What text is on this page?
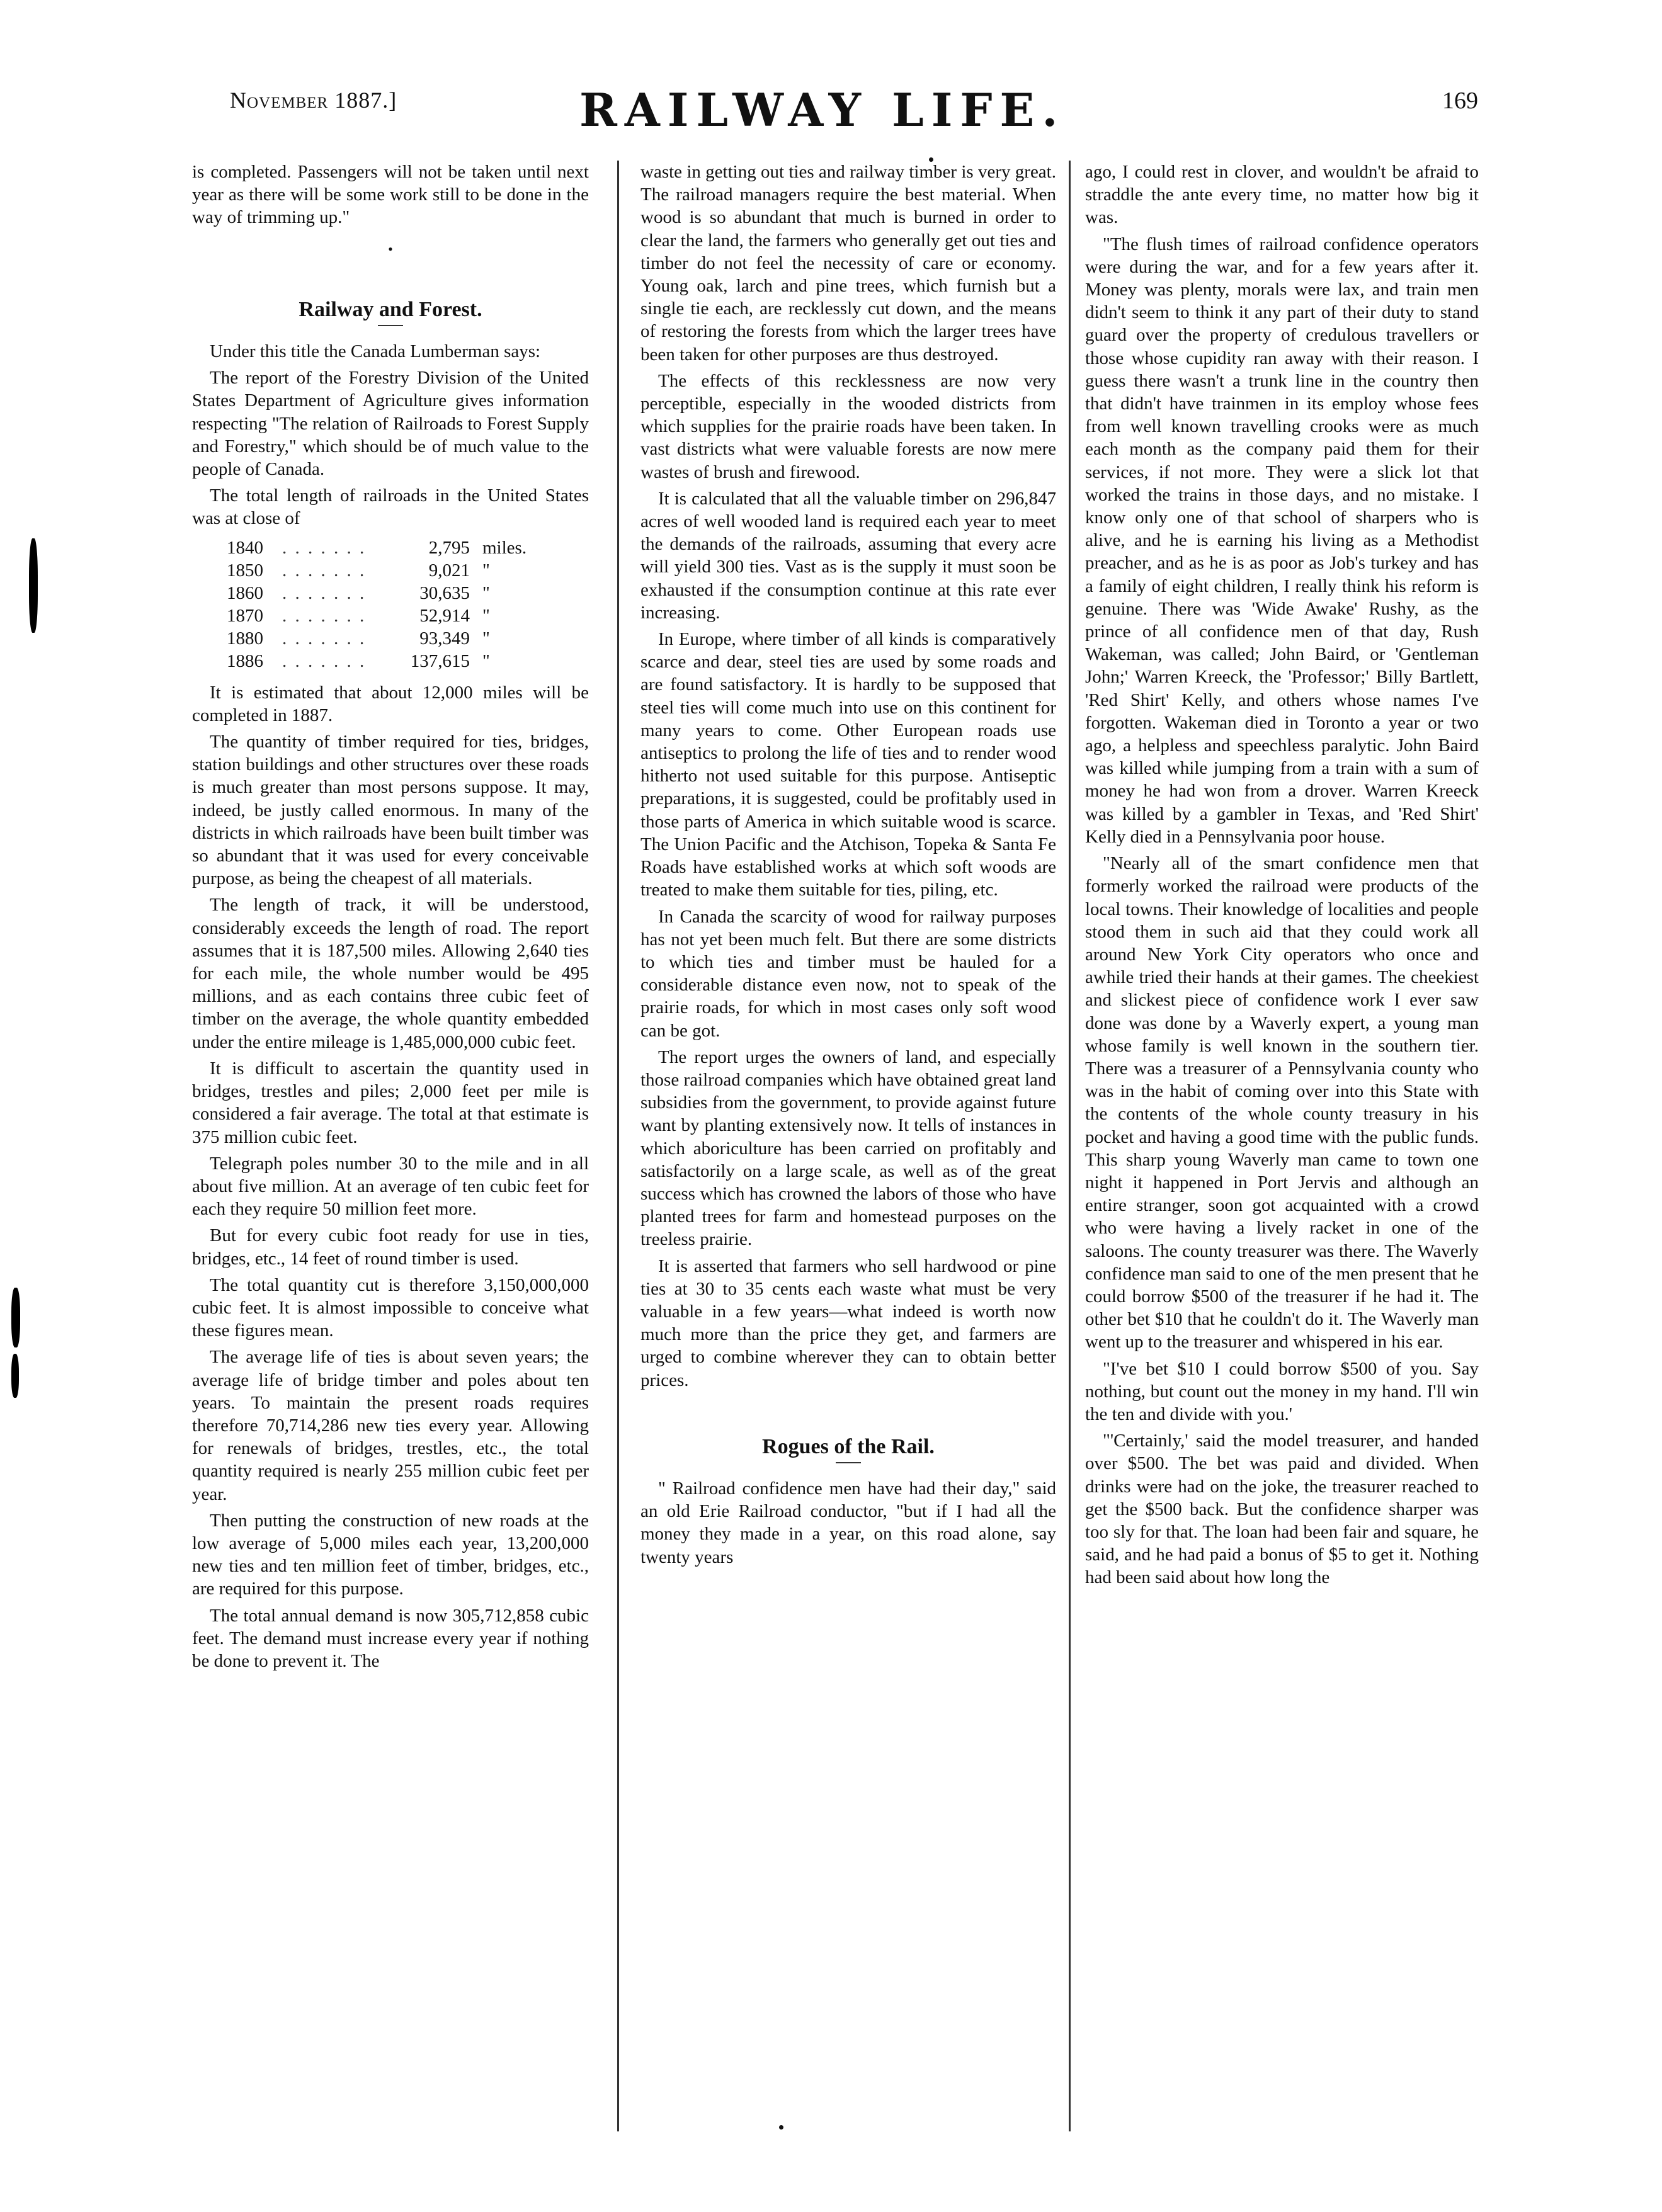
November 1887.]	RAILWAY LIFE.	169

is completed. Passengers will not be taken until next year as there will be some work still to be done in the way of trimming up."

•

Railway and Forest.

Under this title the Canada Lumberman says:

The report of the Forestry Division of the United States Department of Agriculture gives information respecting "The relation of Railroads to Forest Supply and Forestry," which should be of much value to the people of Canada.

The total length of railroads in the United States was at close of

1840	. . . . . . .	2,795	miles.
1850	. . . . . . .	9,021	"
1860	. . . . . . .	30,635	"
1870	. . . . . . .	52,914	"
1880	. . . . . . .	93,349	"
1886	. . . . . . .	137,615	"

It is estimated that about 12,000 miles will be completed in 1887.

The quantity of timber required for ties, bridges, station buildings and other structures over these roads is much greater than most persons suppose. It may, indeed, be justly called enormous. In many of the districts in which railroads have been built timber was so abundant that it was used for every conceivable purpose, as being the cheapest of all materials.

The length of track, it will be understood, considerably exceeds the length of road. The report assumes that it is 187,500 miles. Allowing 2,640 ties for each mile, the whole number would be 495 millions, and as each contains three cubic feet of timber on the average, the whole quantity embedded under the entire mileage is 1,485,000,000 cubic feet.

It is difficult to ascertain the quantity used in bridges, trestles and piles; 2,000 feet per mile is considered a fair average. The total at that estimate is 375 million cubic feet.

Telegraph poles number 30 to the mile and in all about five million. At an average of ten cubic feet for each they require 50 million feet more.

But for every cubic foot ready for use in ties, bridges, etc., 14 feet of round timber is used.

The total quantity cut is therefore 3,150,000,000 cubic feet. It is almost impossible to conceive what these figures mean.

The average life of ties is about seven years; the average life of bridge timber and poles about ten years. To maintain the present roads requires therefore 70,714,286 new ties every year. Allowing for renewals of bridges, trestles, etc., the total quantity required is nearly 255 million cubic feet per year.

Then putting the construction of new roads at the low average of 5,000 miles each year, 13,200,000 new ties and ten million feet of timber, bridges, etc., are required for this purpose.

The total annual demand is now 305,712,858 cubic feet. The demand must increase every year if nothing be done to prevent it. The

waste in getting out ties and railway timber is very great. The railroad managers require the best material. When wood is so abundant that much is burned in order to clear the land, the farmers who generally get out ties and timber do not feel the necessity of care or economy. Young oak, larch and pine trees, which furnish but a single tie each, are recklessly cut down, and the means of restoring the forests from which the larger trees have been taken for other purposes are thus destroyed.

The effects of this recklessness are now very perceptible, especially in the wooded districts from which supplies for the prairie roads have been taken. In vast districts what were valuable forests are now mere wastes of brush and firewood.

It is calculated that all the valuable timber on 296,847 acres of well wooded land is required each year to meet the demands of the railroads, assuming that every acre will yield 300 ties. Vast as is the supply it must soon be exhausted if the consumption continue at this rate ever increasing.

In Europe, where timber of all kinds is comparatively scarce and dear, steel ties are used by some roads and are found satisfactory. It is hardly to be supposed that steel ties will come much into use on this continent for many years to come. Other European roads use antiseptics to prolong the life of ties and to render wood hitherto not used suitable for this purpose. Antiseptic preparations, it is suggested, could be profitably used in those parts of America in which suitable wood is scarce. The Union Pacific and the Atchison, Topeka & Santa Fe Roads have established works at which soft woods are treated to make them suitable for ties, piling, etc.

In Canada the scarcity of wood for railway purposes has not yet been much felt. But there are some districts to which ties and timber must be hauled for a considerable distance even now, not to speak of the prairie roads, for which in most cases only soft wood can be got.

The report urges the owners of land, and especially those railroad companies which have obtained great land subsidies from the government, to provide against future want by planting extensively now. It tells of instances in which aboriculture has been carried on profitably and satisfactorily on a large scale, as well as of the great success which has crowned the labors of those who have planted trees for farm and homestead purposes on the treeless prairie.

It is asserted that farmers who sell hardwood or pine ties at 30 to 35 cents each waste what must be very valuable in a few years—what indeed is worth now much more than the price they get, and farmers are urged to combine wherever they can to obtain better prices.

Rogues of the Rail.

" Railroad confidence men have had their day," said an old Erie Railroad conductor, "but if I had all the money they made in a year, on this road alone, say twenty years

ago, I could rest in clover, and wouldn't be afraid to straddle the ante every time, no matter how big it was.

"The flush times of railroad confidence operators were during the war, and for a few years after it. Money was plenty, morals were lax, and train men didn't seem to think it any part of their duty to stand guard over the property of credulous travellers or those whose cupidity ran away with their reason. I guess there wasn't a trunk line in the country then that didn't have trainmen in its employ whose fees from well known travelling crooks were as much each month as the company paid them for their services, if not more. They were a slick lot that worked the trains in those days, and no mistake. I know only one of that school of sharpers who is alive, and he is earning his living as a Methodist preacher, and as he is as poor as Job's turkey and has a family of eight children, I really think his reform is genuine. There was 'Wide Awake' Rushy, as the prince of all confidence men of that day, Rush Wakeman, was called; John Baird, or 'Gentleman John;' Warren Kreeck, the 'Professor;' Billy Bartlett, 'Red Shirt' Kelly, and others whose names I've forgotten. Wakeman died in Toronto a year or two ago, a helpless and speechless paralytic. John Baird was killed while jumping from a train with a sum of money he had won from a drover. Warren Kreeck was killed by a gambler in Texas, and 'Red Shirt' Kelly died in a Pennsylvania poor house.

"Nearly all of the smart confidence men that formerly worked the railroad were products of the local towns. Their knowledge of localities and people stood them in such aid that they could work all around New York City operators who once and awhile tried their hands at their games. The cheekiest and slickest piece of confidence work I ever saw done was done by a Waverly expert, a young man whose family is well known in the southern tier. There was a treasurer of a Pennsylvania county who was in the habit of coming over into this State with the contents of the whole county treasury in his pocket and having a good time with the public funds. This sharp young Waverly man came to town one night it happened in Port Jervis and although an entire stranger, soon got acquainted with a crowd who were having a lively racket in one of the saloons. The county treasurer was there. The Waverly confidence man said to one of the men present that he could borrow $500 of the treasurer if he had it. The other bet $10 that he couldn't do it. The Waverly man went up to the treasurer and whispered in his ear.

"I've bet $10 I could borrow $500 of you. Say nothing, but count out the money in my hand. I'll win the ten and divide with you.'

"'Certainly,' said the model treasurer, and handed over $500. The bet was paid and divided. When drinks were had on the joke, the treasurer reached to get the $500 back. But the confidence sharper was too sly for that. The loan had been fair and square, he said, and he had paid a bonus of $5 to get it. Nothing had been said about how long the
